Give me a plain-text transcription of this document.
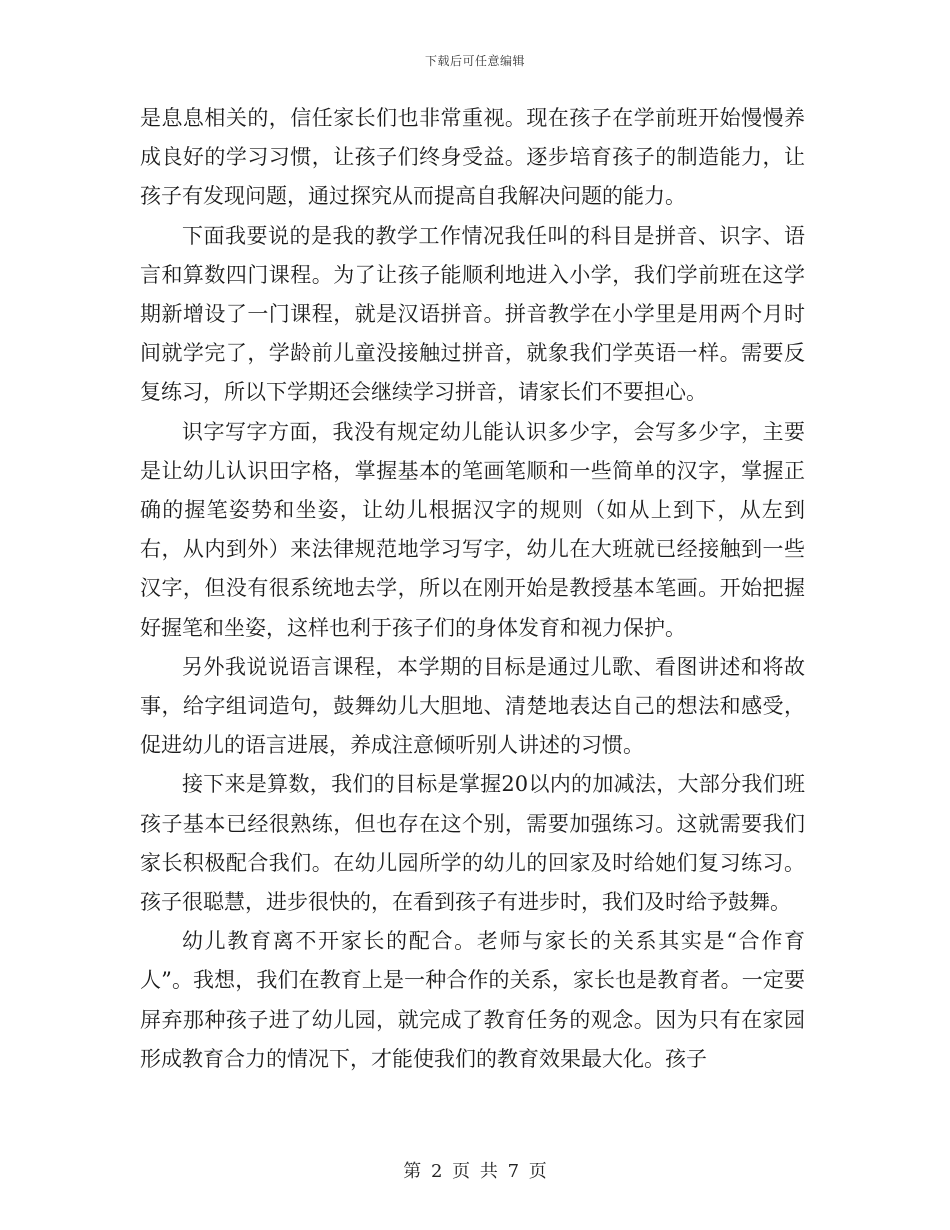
下载后可任意编辑

是息息相关的，信任家长们也非常重视。现在孩子在学前班开始慢慢养成良好的学习习惯，让孩子们终身受益。逐步培育孩子的制造能力，让孩子有发现问题，通过探究从而提高自我解决问题的能力。

下面我要说的是我的教学工作情况我任叫的科目是拼音、识字、语言和算数四门课程。为了让孩子能顺利地进入小学，我们学前班在这学期新增设了一门课程，就是汉语拼音。拼音教学在小学里是用两个月时间就学完了，学龄前儿童没接触过拼音，就象我们学英语一样。需要反复练习，所以下学期还会继续学习拼音，请家长们不要担心。

识字写字方面，我没有规定幼儿能认识多少字，会写多少字，主要是让幼儿认识田字格，掌握基本的笔画笔顺和一些简单的汉字，掌握正确的握笔姿势和坐姿，让幼儿根据汉字的规则（如从上到下，从左到右，从内到外）来法律规范地学习写字，幼儿在大班就已经接触到一些汉字，但没有很系统地去学，所以在刚开始是教授基本笔画。开始把握好握笔和坐姿，这样也利于孩子们的身体发育和视力保护。

另外我说说语言课程，本学期的目标是通过儿歌、看图讲述和将故事，给字组词造句，鼓舞幼儿大胆地、清楚地表达自己的想法和感受，促进幼儿的语言进展，养成注意倾听别人讲述的习惯。

接下来是算数，我们的目标是掌握20以内的加减法，大部分我们班孩子基本已经很熟练，但也存在这个别，需要加强练习。这就需要我们家长积极配合我们。在幼儿园所学的幼儿的回家及时给她们复习练习。孩子很聪慧，进步很快的，在看到孩子有进步时，我们及时给予鼓舞。

幼儿教育离不开家长的配合。老师与家长的关系其实是“合作育人”。我想，我们在教育上是一种合作的关系，家长也是教育者。一定要屏弃那种孩子进了幼儿园，就完成了教育任务的观念。因为只有在家园形成教育合力的情况下，才能使我们的教育效果最大化。孩子

第 2 页 共 7 页
